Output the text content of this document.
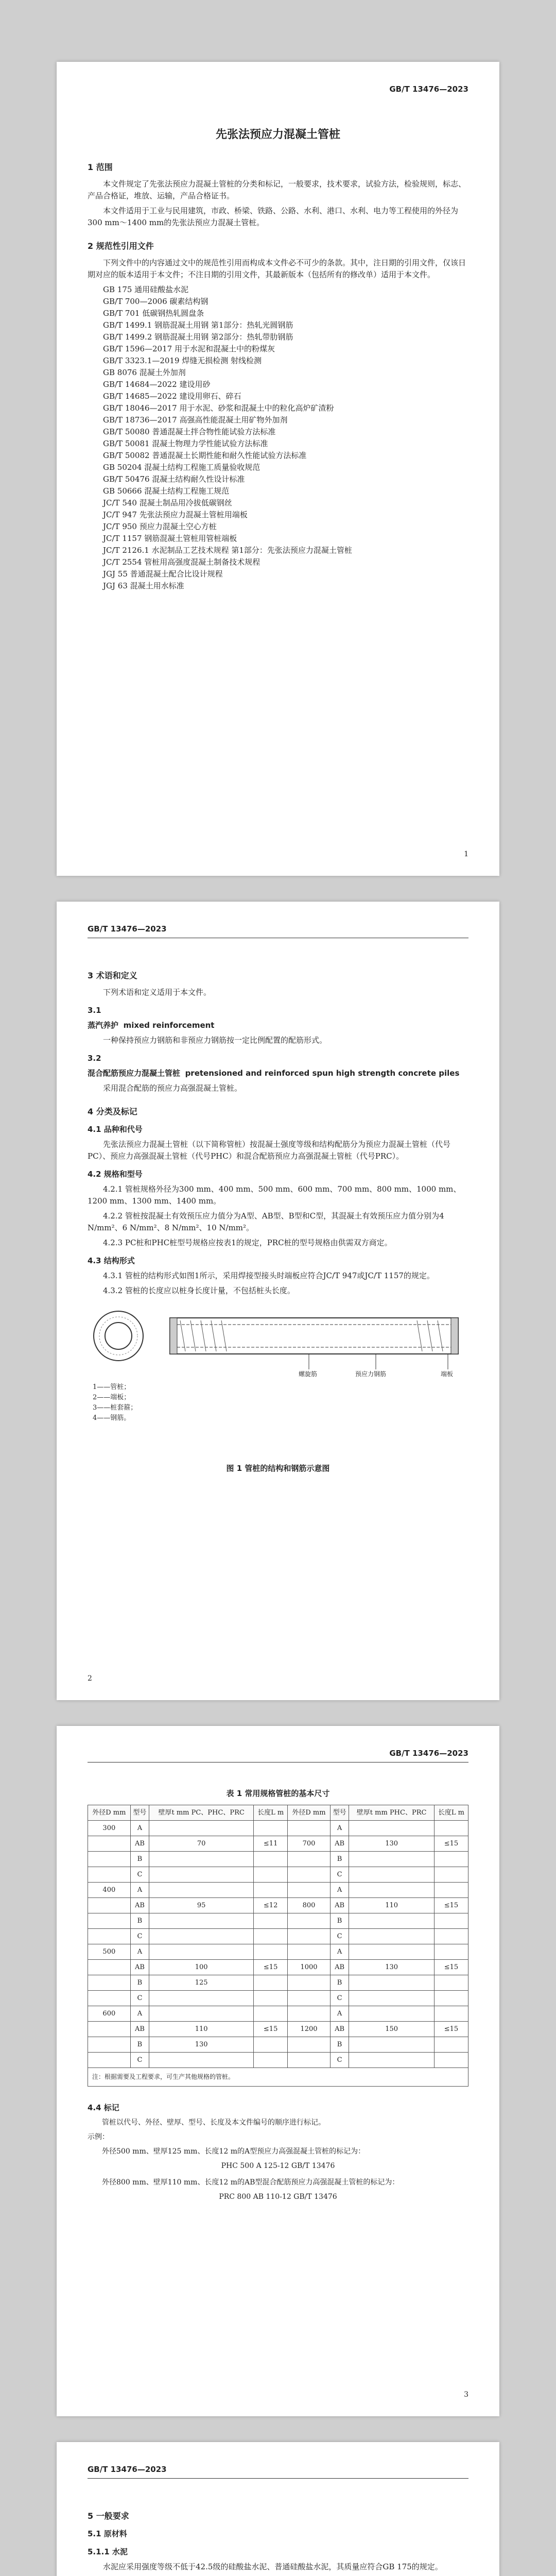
GB/T 13476—2023
先张法预应力混凝土管桩
1 范围

本文件规定了先张法预应力混凝土管桩的分类和标记，一般要求，技术要求，试验方法，检验规则，标志、产品合格证，堆放、运输，产品合格证书。

本文件适用于工业与民用建筑，市政、桥梁、铁路、公路、水利、港口、水利、电力等工程使用的外径为300 mm～1400 mm的先张法预应力混凝土管桩。

2 规范性引用文件

下列文件中的内容通过文中的规范性引用而构成本文件必不可少的条款。其中，注日期的引用文件，仅该日期对应的版本适用于本文件；不注日期的引用文件，其最新版本（包括所有的修改单）适用于本文件。

GB 175 通用硅酸盐水泥
GB/T 700—2006 碳素结构钢
GB/T 701 低碳钢热轧圆盘条
GB/T 1499.1 钢筋混凝土用钢 第1部分：热轧光圆钢筋
GB/T 1499.2 钢筋混凝土用钢 第2部分：热轧带肋钢筋
GB/T 1596—2017 用于水泥和混凝土中的粉煤灰
GB/T 3323.1—2019 焊缝无损检测 射线检测
GB 8076 混凝土外加剂
GB/T 14684—2022 建设用砂
GB/T 14685—2022 建设用卵石、碎石
GB/T 18046—2017 用于水泥、砂浆和混凝土中的粒化高炉矿渣粉
GB/T 18736—2017 高强高性能混凝土用矿物外加剂
GB/T 50080 普通混凝土拌合物性能试验方法标准
GB/T 50081 混凝土物理力学性能试验方法标准
GB/T 50082 普通混凝土长期性能和耐久性能试验方法标准
GB 50204 混凝土结构工程施工质量验收规范
GB/T 50476 混凝土结构耐久性设计标准
GB 50666 混凝土结构工程施工规范
JC/T 540 混凝土制品用冷拔低碳钢丝
JC/T 947 先张法预应力混凝土管桩用端板
JC/T 950 预应力混凝土空心方桩
JC/T 1157 钢筋混凝土管桩用管桩端板
JC/T 2126.1 水泥制品工艺技术规程 第1部分：先张法预应力混凝土管桩
JC/T 2554 管桩用高强度混凝土制备技术规程
JGJ 55 普通混凝土配合比设计规程
JGJ 63 混凝土用水标准
1
GB/T 13476—2023
3 术语和定义

下列术语和定义适用于本文件。

3.1

蒸汽养护 mixed reinforcement

一种保持预应力钢筋和非预应力钢筋按一定比例配置的配筋形式。

3.2

混合配筋预应力混凝土管桩 pretensioned and reinforced spun high strength concrete piles

采用混合配筋的预应力高强混凝土管桩。

4 分类及标记
4.1 品种和代号

先张法预应力混凝土管桩（以下简称管桩）按混凝土强度等级和结构配筋分为预应力混凝土管桩（代号PC）、预应力高强混凝土管桩（代号PHC）和混合配筋预应力高强混凝土管桩（代号PRC）。

4.2 规格和型号

4.2.1 管桩规格外径为300 mm、400 mm、500 mm、600 mm、700 mm、800 mm、1000 mm、1200 mm、1300 mm、1400 mm。

4.2.2 管桩按混凝土有效预压应力值分为A型、AB型、B型和C型，其混凝土有效预压应力值分别为4 N/mm²、6 N/mm²、8 N/mm²、10 N/mm²。

4.2.3 PC桩和PHC桩型号规格应按表1的规定，PRC桩的型号规格由供需双方商定。

4.3 结构形式

4.3.1 管桩的结构形式如图1所示，采用焊接型接头时端板应符合JC/T 947或JC/T 1157的规定。

4.3.2 管桩的长度应以桩身长度计量，不包括桩头长度。

螺旋筋	预应力钢筋	端板
1——管桩；
2——端板；
3——桩套箍；
4——钢筋。
图 1 管桩的结构和钢筋示意图
2
GB/T 13476—2023
表 1 常用规格管桩的基本尺寸
外径D mm	型号	壁厚t mm PC、PHC、PRC	长度L m	外径D mm	型号	壁厚t mm PHC、PRC	长度L m
300	A				A		
	AB	70	≤11	700	AB	130	≤15
	B				B		
	C				C		
400	A				A		
	AB	95	≤12	800	AB	110	≤15
	B				B		
	C				C		
500	A				A		
	AB	100	≤15	1000	AB	130	≤15
	B	125			B		
	C				C		
600	A				A		
	AB	110	≤15	1200	AB	150	≤15
	B	130			B		
	C				C		
注：根据需要及工程要求，可生产其他规格的管桩。							
4.4 标记

管桩以代号、外径、壁厚、型号、长度及本文件编号的顺序进行标记。

示例：

外径500 mm、壁厚125 mm、长度12 m的A型预应力高强混凝土管桩的标记为：

PHC 500 A 125-12 GB/T 13476

外径800 mm、壁厚110 mm、长度12 m的AB型混合配筋预应力高强混凝土管桩的标记为：

PRC 800 AB 110-12 GB/T 13476
3
GB/T 13476—2023
5 一般要求
5.1 原材料
5.1.1 水泥

水泥应采用强度等级不低于42.5级的硅酸盐水泥、普通硅酸盐水泥，其质量应符合GB 175的规定。
